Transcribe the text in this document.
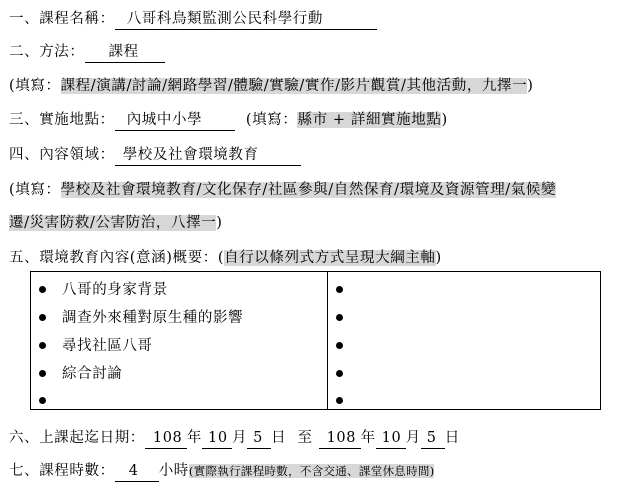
一、課程名稱： 八哥科鳥類監測公民科學行動
二、方法： 課程
(填寫：課程/演講/討論/網路學習/體驗/實驗/實作/影片觀賞/其他活動，九擇一)
三、實施地點： 內城中小學	(填寫：縣市 + 詳細實施地點)
四、內容領域： 學校及社會環境教育
(填寫：學校及社會環境教育/文化保存/社區參與/自然保育/環境及資源管理/氣候變
遷/災害防救/公害防治，八擇一)
五、環境教育內容(意涵)概要：(自行以條列式方式呈現大綱主軸)
八哥的身家背景
調查外來種對原生種的影響
尋找社區八哥
綜合討論
六、上課起迄日期： 108 年 10 月 5 日 至 108 年 10 月 5 日
七、課程時數： 4 小時(實際執行課程時數，不含交通、課堂休息時間)
